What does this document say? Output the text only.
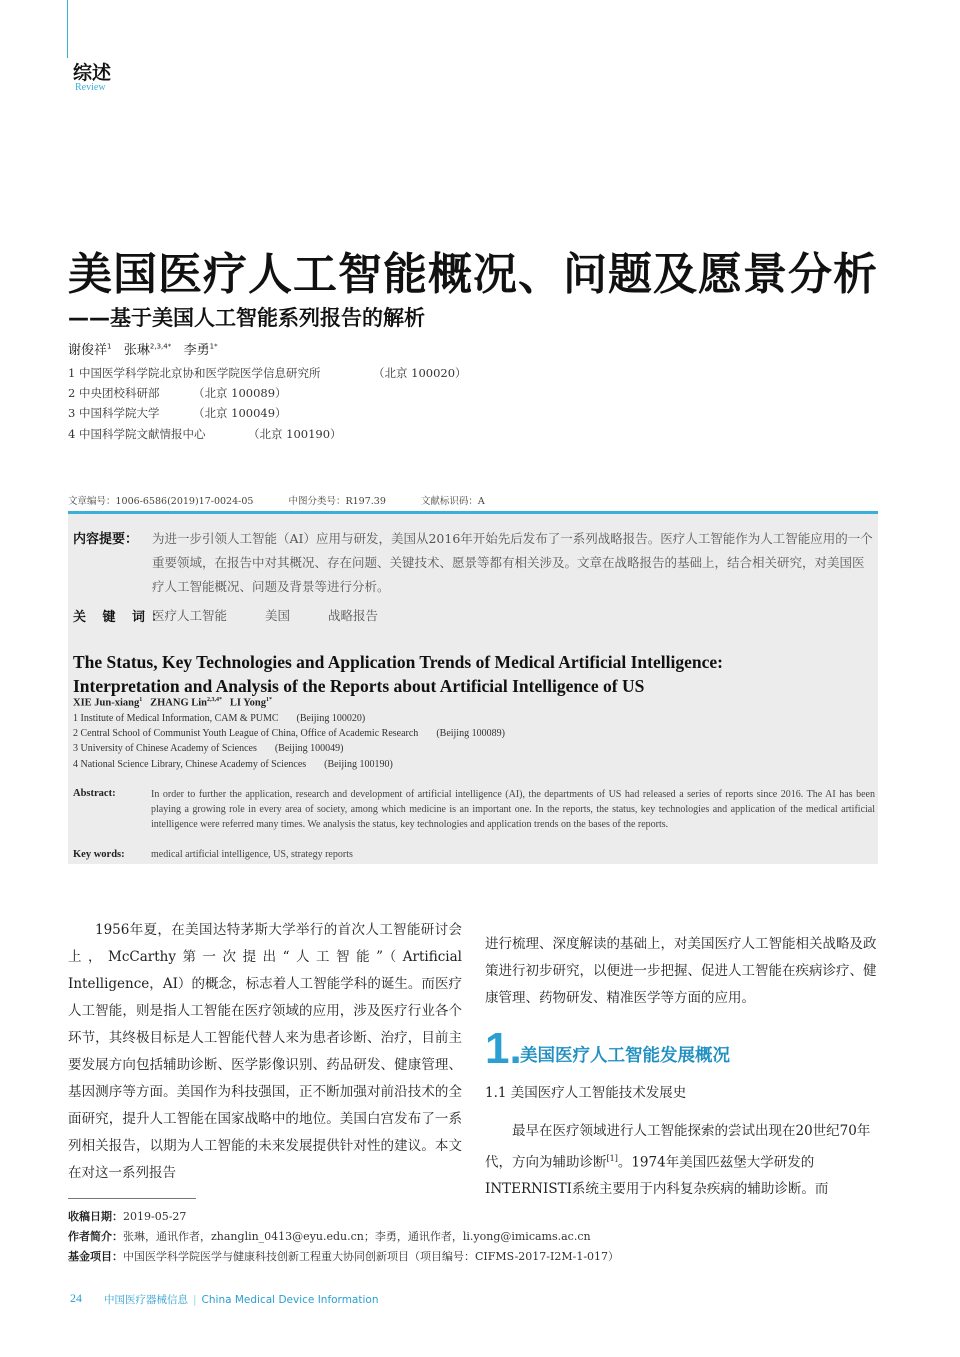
综述
Review
美国医疗人工智能概况、问题及愿景分析
——基于美国人工智能系列报告的解析
谢俊祥$^1$ 张琳$^{2,3,4*}$ 李勇$^{1*}$
1 中国医学科学院北京协和医学院医学信息研究所	（北京 100020）
2 中央团校科研部	（北京 100089）
3 中国科学院大学	（北京 100049）
4 中国科学院文献情报中心	（北京 100190）
文章编号：1006-6586(2019)17-0024-05	中图分类号：R197.39	文献标识码：A
内容提要： 为进一步引领人工智能（AI）应用与研发，美国从2016年开始先后发布了一系列战略报告。医疗人工智能作为人工智能应用的一个重要领域，在报告中对其概况、存在问题、关键技术、愿景等都有相关涉及。文章在战略报告的基础上，结合相关研究，对美国医疗人工智能概况、问题及背景等进行分析。
关 键 词：
医疗人工智能	美国	战略报告
The Status, Key Technologies and Application Trends of Medical Artificial Intelligence:
Interpretation and Analysis of the Reports about Artificial Intelligence of US
XIE Jun-xiang$^1$ ZHANG Lin$^{2,3,4*}$ LI Yong$^{1*}$
1 Institute of Medical Information, CAM & PUMC (Beijing 100020)
2 Central School of Communist Youth League of China, Office of Academic Research (Beijing 100089)
3 University of Chinese Academy of Sciences (Beijing 100049)
4 National Science Library, Chinese Academy of Sciences (Beijing 100190)
Abstract:	In order to further the application, research and development of artificial intelligence (AI), the departments of US had released a series of reports since 2016. The AI has been playing a growing role in every area of society, among which medicine is an important one. In the reports, the status, key technologies and application of the medical artificial intelligence were referred many times. We analysis the status, key technologies and application trends on the bases of the reports.
Key words:	medical artificial intelligence, US, strategy reports

1956年夏，在美国达特茅斯大学举行的首次人工智能研讨会上，McCarthy第一次提出“人工智能”（Artificial Intelligence，AI）的概念，标志着人工智能学科的诞生。而医疗人工智能，则是指人工智能在医疗领域的应用，涉及医疗行业各个环节，其终极目标是人工智能代替人来为患者诊断、治疗，目前主要发展方向包括辅助诊断、医学影像识别、药品研发、健康管理、基因测序等方面。美国作为科技强国，正不断加强对前沿技术的全面研究，提升人工智能在国家战略中的地位。美国白宫发布了一系列相关报告，以期为人工智能的未来发展提供针对性的建议。本文在对这一系列报告

进行梳理、深度解读的基础上，对美国医疗人工智能相关战略及政策进行初步研究，以便进一步把握、促进人工智能在疾病诊疗、健康管理、药物研发、精准医学等方面的应用。

1.
美国医疗人工智能发展概况
1.1 美国医疗人工智能技术发展史

最早在医疗领域进行人工智能探索的尝试出现在20世纪70年代，方向为辅助诊断[1]。1974年美国匹兹堡大学研发的INTERNISTI系统主要用于内科复杂疾病的辅助诊断。而

收稿日期：2019-05-27
作者简介：张琳，通讯作者，zhanglin_0413@eyu.edu.cn；李勇，通讯作者，li.yong@imicams.ac.cn
基金项目：中国医学科学院医学与健康科技创新工程重大协同创新项目（项目编号：CIFMS-2017-I2M-1-017）
24 中国医疗器械信息 | China Medical Device Information
